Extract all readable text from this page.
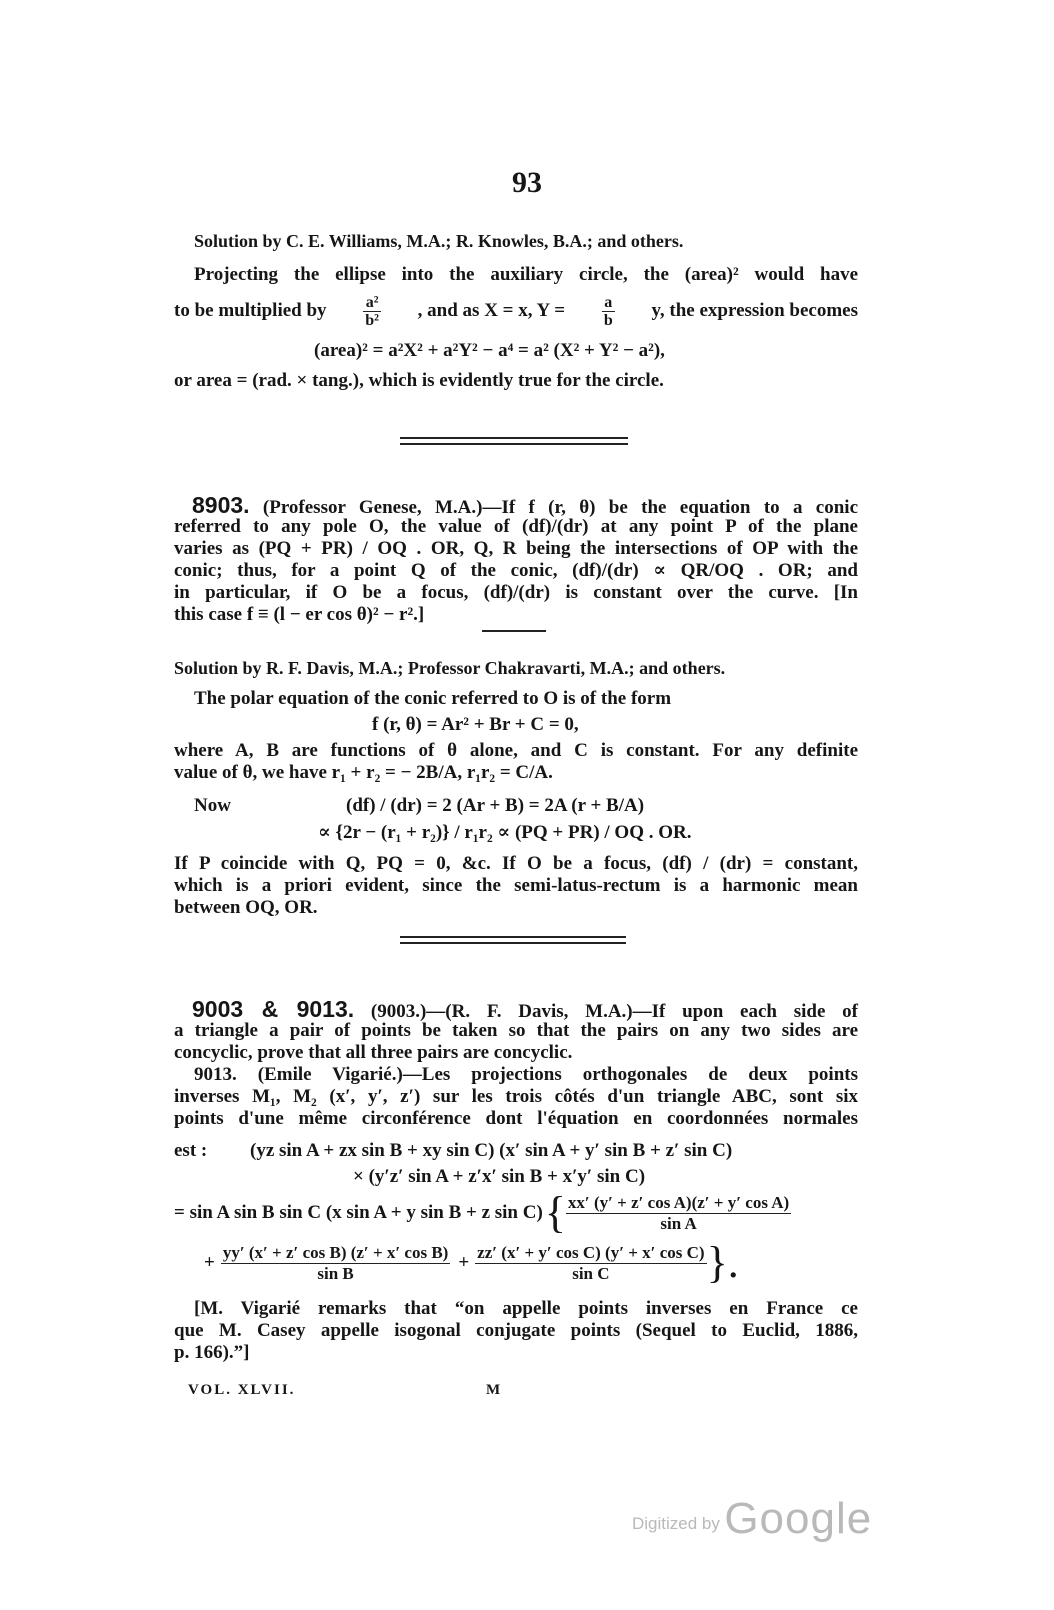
93
Solution by C. E. Williams, M.A.; R. Knowles, B.A.; and others.
Projecting the ellipse into the auxiliary circle, the (area)² would have
to be multiplied by $\frac{\text{a²}}{\text{b²}}$ , and as X = x, $Y = \frac{a}{b} y$, the expression becomes
(area)² = a²X² + a²Y² − a⁴ = a² (X² + Y² − a²),
or area = (rad. × tang.), which is evidently true for the circle.
8903. (Professor Genese, M.A.)—If f (r, θ) be the equation to a conic
referred to any pole O, the value of (df)/(dr) at any point P of the plane
varies as (PQ + PR) / OQ . OR, Q, R being the intersections of OP with the
conic; thus, for a point Q of the conic, (df)/(dr) ∝ QR/OQ . OR; and
in particular, if O be a focus, (df)/(dr) is constant over the curve. [In
this case f ≡ (l − er cos θ)² − r².]
Solution by R. F. Davis, M.A.; Professor Chakravarti, M.A.; and others.
The polar equation of the conic referred to O is of the form
f (r, θ) = Ar² + Br + C = 0,
where A, B are functions of θ alone, and C is constant. For any definite
value of θ, we have r₁ + r₂ = − 2B/A, r₁r₂ = C/A.
Now	(df) / (dr) = 2 (Ar + B) = 2A (r + B/A)
∝ {2r − (r₁ + r₂)} / r₁r₂ ∝ (PQ + PR) / OQ . OR.
If P coincide with Q, PQ = 0, &c. If O be a focus, (df) / (dr) = constant,
which is a priori evident, since the semi-latus-rectum is a harmonic mean
between OQ, OR.
9003 & 9013. (9003.)—(R. F. Davis, M.A.)—If upon each side of
a triangle a pair of points be taken so that the pairs on any two sides are
concyclic, prove that all three pairs are concyclic.
9013. (Emile Vigarié.)—Les projections orthogonales de deux points
inverses M₁, M₂ (x′, y′, z′) sur les trois côtés d'un triangle ABC, sont six
points d'une même circonférence dont l'équation en coordonnées normales
est : (yz sin A + zx sin B + xy sin C) (x′ sin A + y′ sin B + z′ sin C)
× (y′z′ sin A + z′x′ sin B + x′y′ sin C)
= sin A sin B sin C (x sin A + y sin B + z sin C) { $\frac{\text{xx′ (y′ + z′ cos A)(z′ + y′ cos A)}}{\text{sin A}}$
+ $\frac{\text{yy′ (x′ + z′ cos B) (z′ + x′ cos B)}}{\text{sin B}} + \frac{\text{zz′ (x′ + y′ cos C) (y′ + x′ cos C)}}{\text{sin C}}$ }.
[M. Vigarié remarks that “on appelle points inverses en France ce
que M. Casey appelle isogonal conjugate points (Sequel to Euclid, 1886,
p. 166).”]
VOL. XLVII.	M
Digitized by Google
